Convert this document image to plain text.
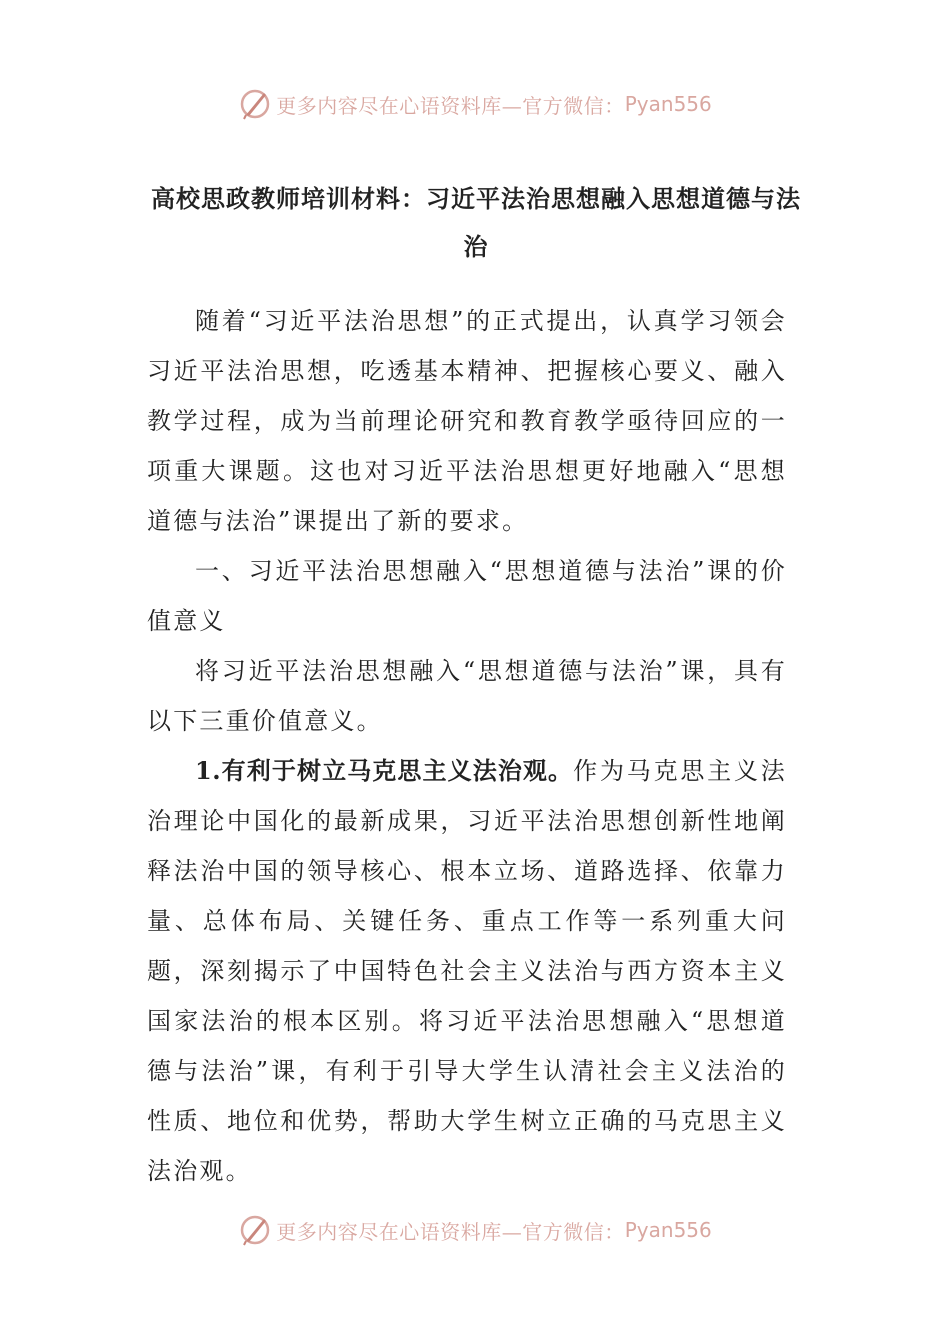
更多内容尽在心语资料库—官方微信： Pyan556
高校思政教师培训材料：习近平法治思想融入思想道德与法治

随着“习近平法治思想”的正式提出，认真学习领会习近平法治思想，吃透基本精神、把握核心要义、融入教学过程，成为当前理论研究和教育教学亟待回应的一项重大课题。这也对习近平法治思想更好地融入“思想道德与法治”课提出了新的要求。

一、习近平法治思想融入“思想道德与法治”课的价值意义

将习近平法治思想融入“思想道德与法治”课，具有以下三重价值意义。

1.有利于树立马克思主义法治观。作为马克思主义法治理论中国化的最新成果，习近平法治思想创新性地阐释法治中国的领导核心、根本立场、道路选择、依靠力量、总体布局、关键任务、重点工作等一系列重大问题，深刻揭示了中国特色社会主义法治与西方资本主义国家法治的根本区别。将习近平法治思想融入“思想道德与法治”课，有利于引导大学生认清社会主义法治的性质、地位和优势，帮助大学生树立正确的马克思主义法治观。

更多内容尽在心语资料库—官方微信： Pyan556
